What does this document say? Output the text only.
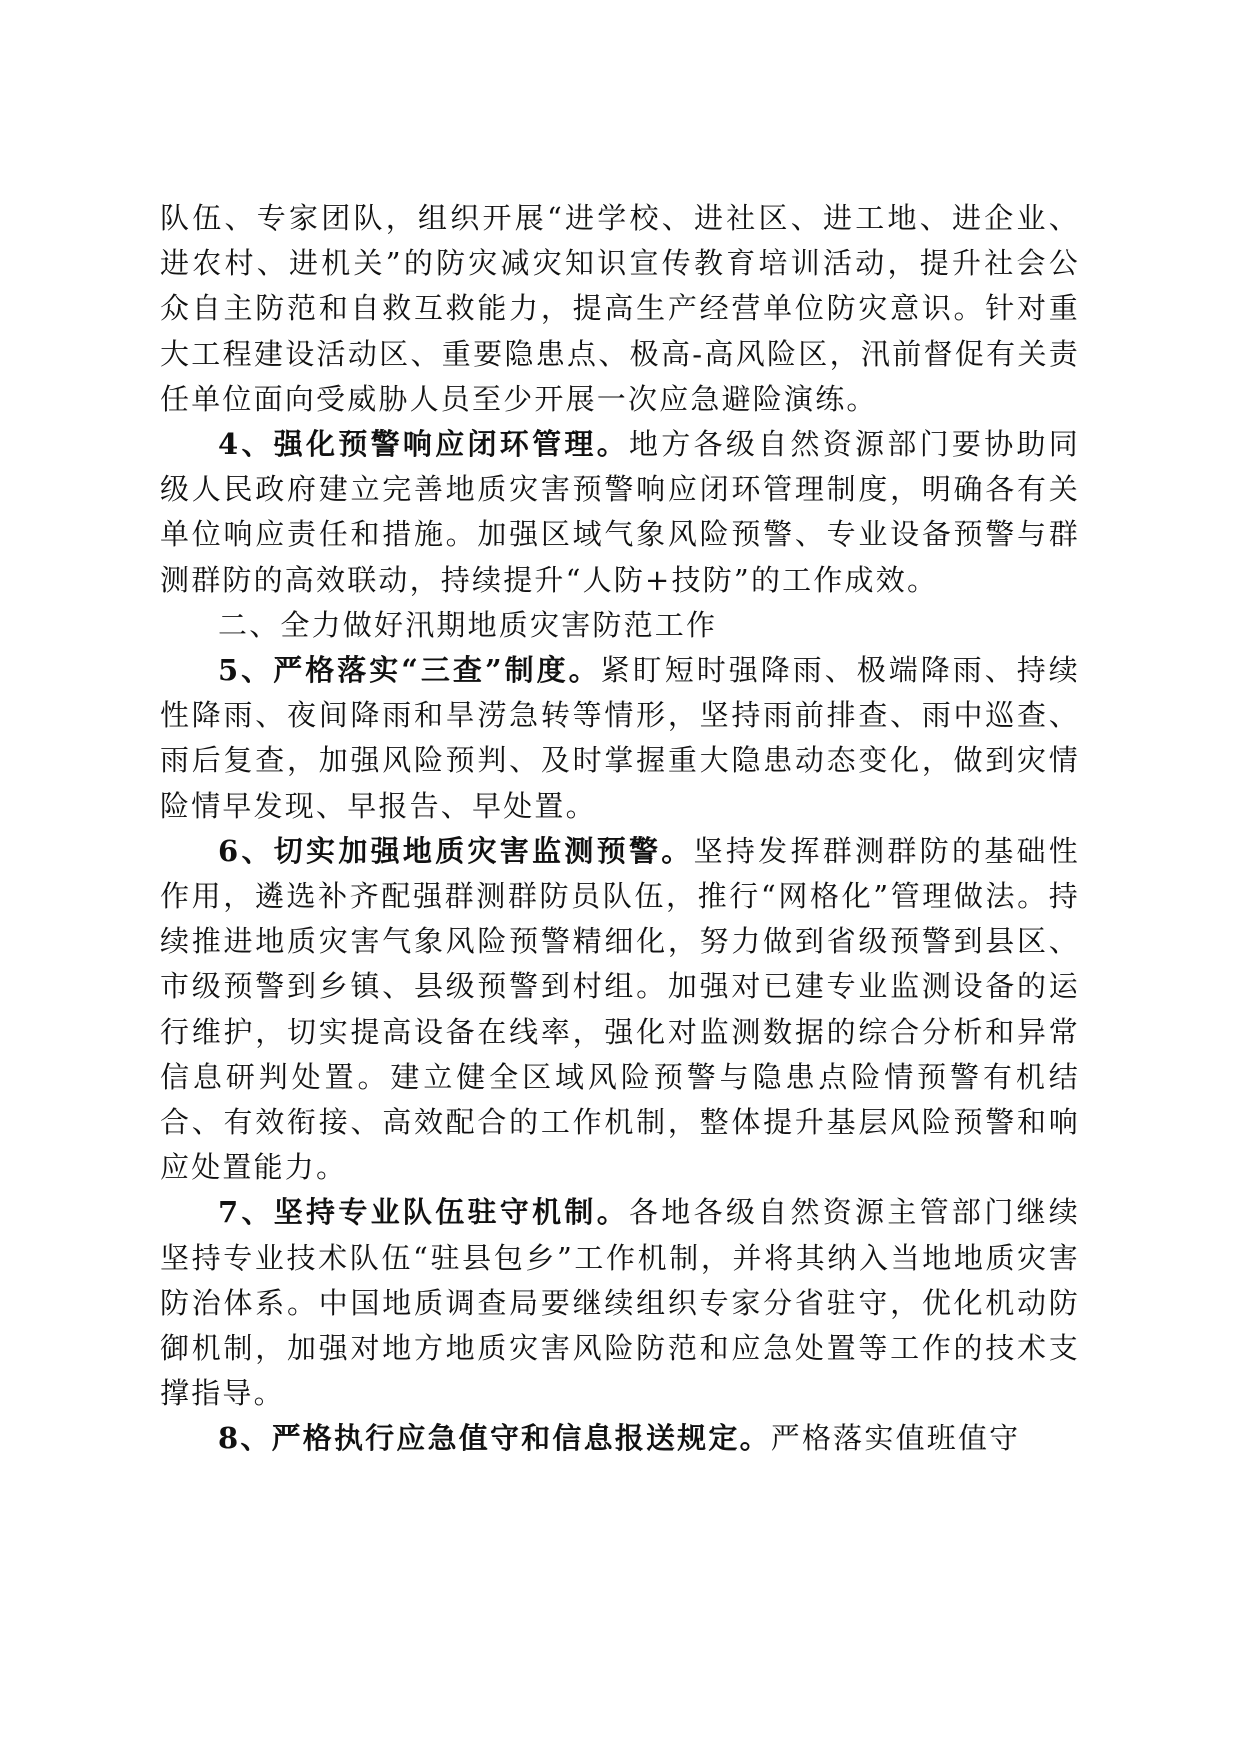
队伍、专家团队，组织开展“进学校、进社区、进工地、进企业、进农村、进机关”的防灾减灾知识宣传教育培训活动，提升社会公众自主防范和自救互救能力，提高生产经营单位防灾意识。针对重大工程建设活动区、重要隐患点、极高-高风险区，汛前督促有关责任单位面向受威胁人员至少开展一次应急避险演练。

4、强化预警响应闭环管理。地方各级自然资源部门要协助同级人民政府建立完善地质灾害预警响应闭环管理制度，明确各有关单位响应责任和措施。加强区域气象风险预警、专业设备预警与群测群防的高效联动，持续提升“人防+技防”的工作成效。

二、全力做好汛期地质灾害防范工作

5、严格落实“三查”制度。紧盯短时强降雨、极端降雨、持续性降雨、夜间降雨和旱涝急转等情形，坚持雨前排查、雨中巡查、雨后复查，加强风险预判、及时掌握重大隐患动态变化，做到灾情险情早发现、早报告、早处置。

6、切实加强地质灾害监测预警。坚持发挥群测群防的基础性作用，遴选补齐配强群测群防员队伍，推行“网格化”管理做法。持续推进地质灾害气象风险预警精细化，努力做到省级预警到县区、市级预警到乡镇、县级预警到村组。加强对已建专业监测设备的运行维护，切实提高设备在线率，强化对监测数据的综合分析和异常信息研判处置。建立健全区域风险预警与隐患点险情预警有机结合、有效衔接、高效配合的工作机制，整体提升基层风险预警和响应处置能力。

7、坚持专业队伍驻守机制。各地各级自然资源主管部门继续坚持专业技术队伍“驻县包乡”工作机制，并将其纳入当地地质灾害防治体系。中国地质调查局要继续组织专家分省驻守，优化机动防御机制，加强对地方地质灾害风险防范和应急处置等工作的技术支撑指导。

8、严格执行应急值守和信息报送规定。严格落实值班值守
